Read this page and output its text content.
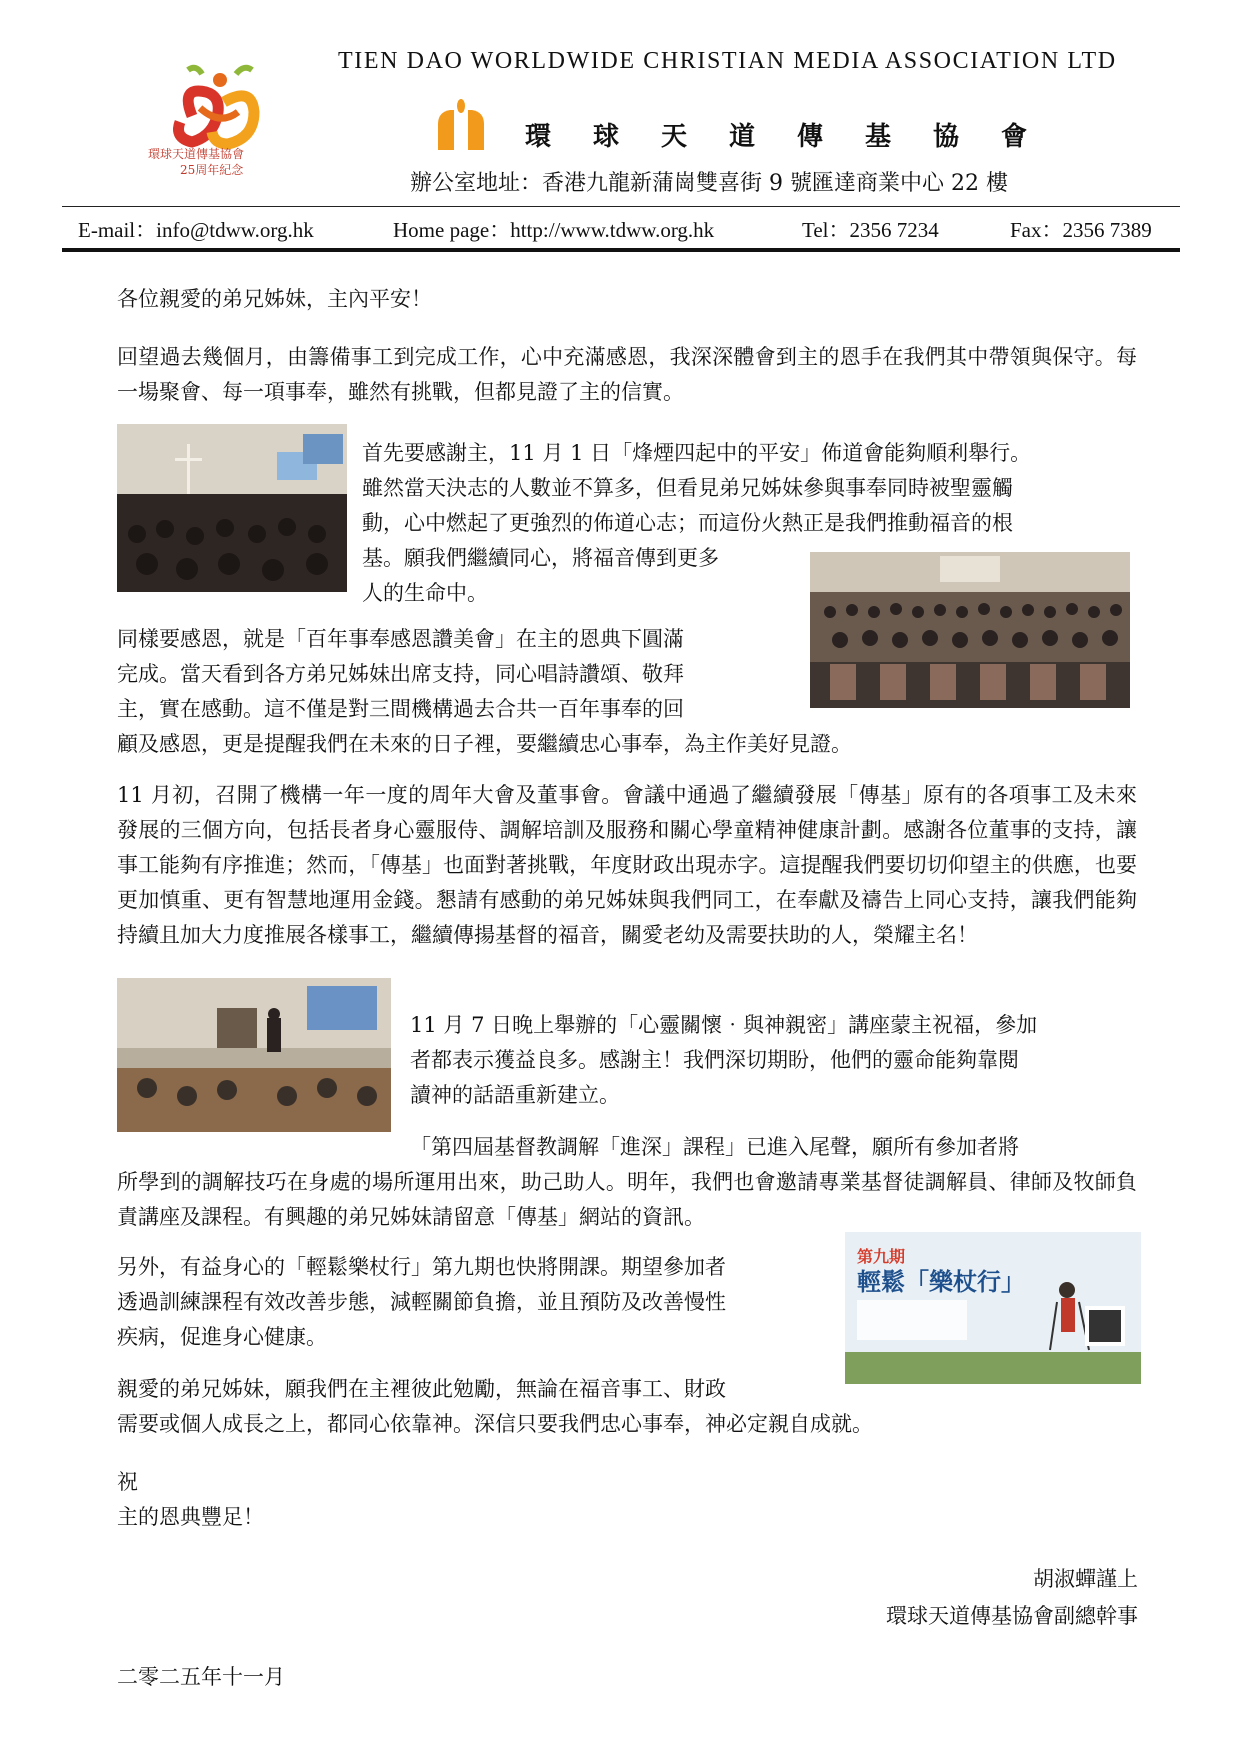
環球天道傳基協會
25周年紀念
TIEN DAO WORLDWIDE CHRISTIAN MEDIA ASSOCIATION LTD
環球天道傳基協會
辦公室地址：香港九龍新蒲崗雙喜街 9 號匯達商業中心 22 樓
E-mail：info@tdww.org.hk	Home page：http://www.tdww.org.hk	Tel：2356 7234	Fax：2356 7389
各位親愛的弟兄姊妹，主內平安！
回望過去幾個月，由籌備事工到完成工作，心中充滿感恩，我深深體會到主的恩手在我們其中帶領與保守。每一場聚會、每一項事奉，雖然有挑戰，但都見證了主的信實。
首先要感謝主，11 月 1 日「烽煙四起中的平安」佈道會能夠順利舉行。
雖然當天決志的人數並不算多，但看見弟兄姊妹參與事奉同時被聖靈觸
動，心中燃起了更強烈的佈道心志；而這份火熱正是我們推動福音的根
基。願我們繼續同心，將福音傳到更多
人的生命中。
同樣要感恩，就是「百年事奉感恩讚美會」在主的恩典下圓滿
完成。當天看到各方弟兄姊妹出席支持，同心唱詩讚頌、敬拜
主，實在感動。這不僅是對三間機構過去合共一百年事奉的回
顧及感恩，更是提醒我們在未來的日子裡，要繼續忠心事奉，為主作美好見證。
11 月初，召開了機構一年一度的周年大會及董事會。會議中通過了繼續發展「傳基」原有的各項事工及未來發展的三個方向，包括長者身心靈服侍、調解培訓及服務和關心學童精神健康計劃。感謝各位董事的支持，讓事工能夠有序推進；然而，「傳基」也面對著挑戰，年度財政出現赤字。這提醒我們要切切仰望主的供應，也要更加慎重、更有智慧地運用金錢。懇請有感動的弟兄姊妹與我們同工，在奉獻及禱告上同心支持，讓我們能夠持續且加大力度推展各樣事工，繼續傳揚基督的福音，關愛老幼及需要扶助的人，榮耀主名！
11 月 7 日晚上舉辦的「心靈關懷‧與神親密」講座蒙主祝福，參加
者都表示獲益良多。感謝主！我們深切期盼，他們的靈命能夠靠閱
讀神的話語重新建立。
「第四屆基督教調解「進深」課程」已進入尾聲，願所有參加者將
所學到的調解技巧在身處的場所運用出來，助己助人。明年，我們也會邀請專業基督徒調解員、律師及牧師負責講座及課程。有興趣的弟兄姊妹請留意「傳基」網站的資訊。
第九期
輕鬆「樂杖行」
另外，有益身心的「輕鬆樂杖行」第九期也快將開課。期望參加者
透過訓練課程有效改善步態，減輕關節負擔，並且預防及改善慢性
疾病，促進身心健康。
親愛的弟兄姊妹，願我們在主裡彼此勉勵，無論在福音事工、財政
需要或個人成長之上，都同心依靠神。深信只要我們忠心事奉，神必定親自成就。
祝
主的恩典豐足！
胡淑蟬謹上
環球天道傳基協會副總幹事
二零二五年十一月
